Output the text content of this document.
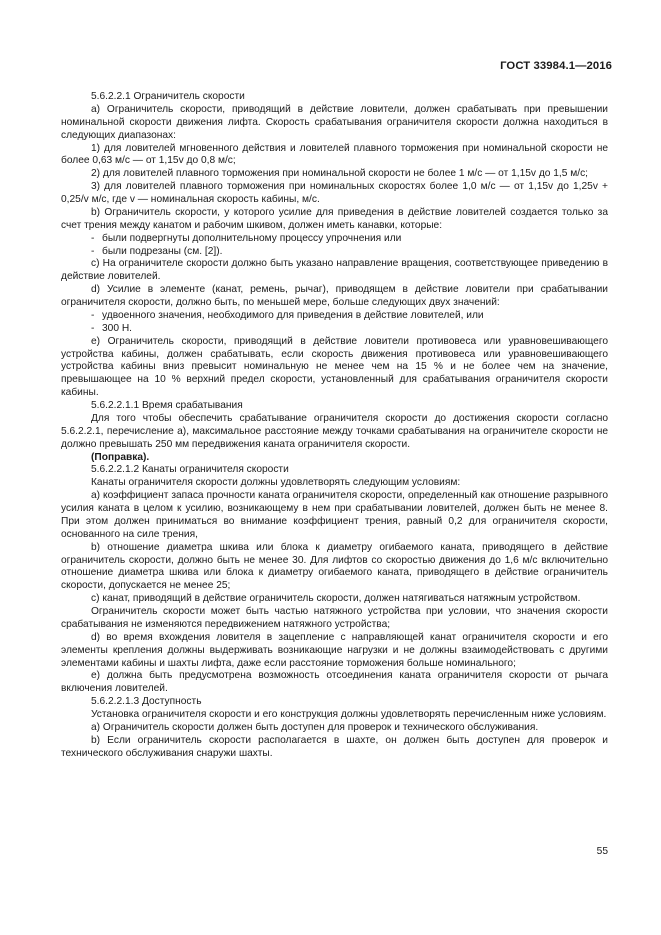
ГОСТ 33984.1—2016

5.6.2.2.1 Ограничитель скорости

а) Ограничитель скорости, приводящий в действие ловители, должен срабатывать при превышении номинальной скорости движения лифта. Скорость срабатывания ограничителя скорости должна находиться в следующих диапазонах:

1) для ловителей мгновенного действия и ловителей плавного торможения при номинальной скорости не более 0,63 м/с — от 1,15v до 0,8 м/с;

2) для ловителей плавного торможения при номинальной скорости не более 1 м/с — от 1,15v до 1,5 м/с;

3) для ловителей плавного торможения при номинальных скоростях более 1,0 м/с — от 1,15v до 1,25v + 0,25/v м/с, где v — номинальная скорость кабины, м/с.

b) Ограничитель скорости, у которого усилие для приведения в действие ловителей создается только за счет трения между канатом и рабочим шкивом, должен иметь канавки, которые:

- были подвергнуты дополнительному процессу упрочнения или

- были подрезаны (см. [2]).

c) На ограничителе скорости должно быть указано направление вращения, соответствующее приведению в действие ловителей.

d) Усилие в элементе (канат, ремень, рычаг), приводящем в действие ловители при срабатывании ограничителя скорости, должно быть, по меньшей мере, больше следующих двух значений:

- удвоенного значения, необходимого для приведения в действие ловителей, или

- 300 Н.

e) Ограничитель скорости, приводящий в действие ловители противовеса или уравновешивающего устройства кабины, должен срабатывать, если скорость движения противовеса или уравновешивающего устройства кабины вниз превысит номинальную не менее чем на 15 % и не более чем на значение, превышающее на 10 % верхний предел скорости, установленный для срабатывания ограничителя скорости кабины.

5.6.2.2.1.1 Время срабатывания

Для того чтобы обеспечить срабатывание ограничителя скорости до достижения скорости согласно 5.6.2.2.1, перечисление a), максимальное расстояние между точками срабатывания на ограничителе скорости не должно превышать 250 мм передвижения каната ограничителя скорости.

(Поправка).

5.6.2.2.1.2 Канаты ограничителя скорости

Канаты ограничителя скорости должны удовлетворять следующим условиям:

a) коэффициент запаса прочности каната ограничителя скорости, определенный как отношение разрывного усилия каната в целом к усилию, возникающему в нем при срабатывании ловителей, должен быть не менее 8. При этом должен приниматься во внимание коэффициент трения, равный 0,2 для ограничителя скорости, основанного на силе трения,

b) отношение диаметра шкива или блока к диаметру огибаемого каната, приводящего в действие ограничитель скорости, должно быть не менее 30. Для лифтов со скоростью движения до 1,6 м/с включительно отношение диаметра шкива или блока к диаметру огибаемого каната, приводящего в действие ограничитель скорости, допускается не менее 25;

c) канат, приводящий в действие ограничитель скорости, должен натягиваться натяжным устройством.

Ограничитель скорости может быть частью натяжного устройства при условии, что значения скорости срабатывания не изменяются передвижением натяжного устройства;

d) во время вхождения ловителя в зацепление с направляющей канат ограничителя скорости и его элементы крепления должны выдерживать возникающие нагрузки и не должны взаимодействовать с другими элементами кабины и шахты лифта, даже если расстояние торможения больше номинального;

e) должна быть предусмотрена возможность отсоединения каната ограничителя скорости от рычага включения ловителей.

5.6.2.2.1.3 Доступность

Установка ограничителя скорости и его конструкция должны удовлетворять перечисленным ниже условиям.

a) Ограничитель скорости должен быть доступен для проверок и технического обслуживания.

b) Если ограничитель скорости располагается в шахте, он должен быть доступен для проверок и технического обслуживания снаружи шахты.

55
